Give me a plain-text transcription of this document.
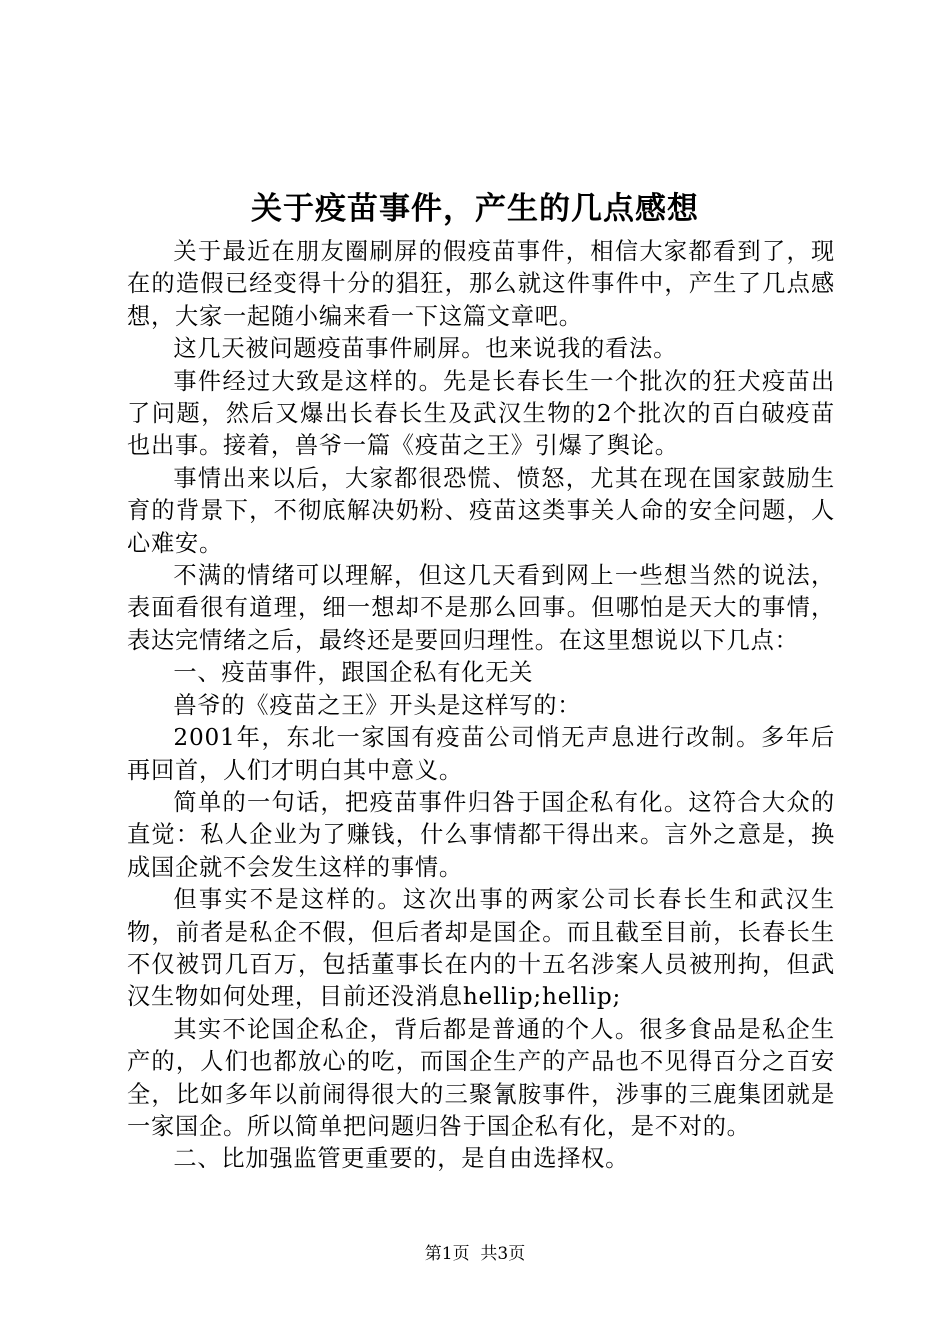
关于疫苗事件，产生的几点感想

关于最近在朋友圈刷屏的假疫苗事件，相信大家都看到了，现在的造假已经变得十分的猖狂，那么就这件事件中，产生了几点感想，大家一起随小编来看一下这篇文章吧。

这几天被问题疫苗事件刷屏。也来说我的看法。

事件经过大致是这样的。先是长春长生一个批次的狂犬疫苗出了问题，然后又爆出长春长生及武汉生物的2个批次的百白破疫苗也出事。接着，兽爷一篇《疫苗之王》引爆了舆论。

事情出来以后，大家都很恐慌、愤怒，尤其在现在国家鼓励生育的背景下，不彻底解决奶粉、疫苗这类事关人命的安全问题，人心难安。

不满的情绪可以理解，但这几天看到网上一些想当然的说法，表面看很有道理，细一想却不是那么回事。但哪怕是天大的事情，表达完情绪之后，最终还是要回归理性。在这里想说以下几点：

一、疫苗事件，跟国企私有化无关

兽爷的《疫苗之王》开头是这样写的：

2001年，东北一家国有疫苗公司悄无声息进行改制。多年后再回首，人们才明白其中意义。

简单的一句话，把疫苗事件归咎于国企私有化。这符合大众的直觉：私人企业为了赚钱，什么事情都干得出来。言外之意是，换成国企就不会发生这样的事情。

但事实不是这样的。这次出事的两家公司长春长生和武汉生物，前者是私企不假，但后者却是国企。而且截至目前，长春长生不仅被罚几百万，包括董事长在内的十五名涉案人员被刑拘，但武汉生物如何处理，目前还没消息hellip;hellip;

其实不论国企私企，背后都是普通的个人。很多食品是私企生产的，人们也都放心的吃，而国企生产的产品也不见得百分之百安全，比如多年以前闹得很大的三聚氰胺事件，涉事的三鹿集团就是一家国企。所以简单把问题归咎于国企私有化，是不对的。

二、比加强监管更重要的，是自由选择权。

第1页  共3页
